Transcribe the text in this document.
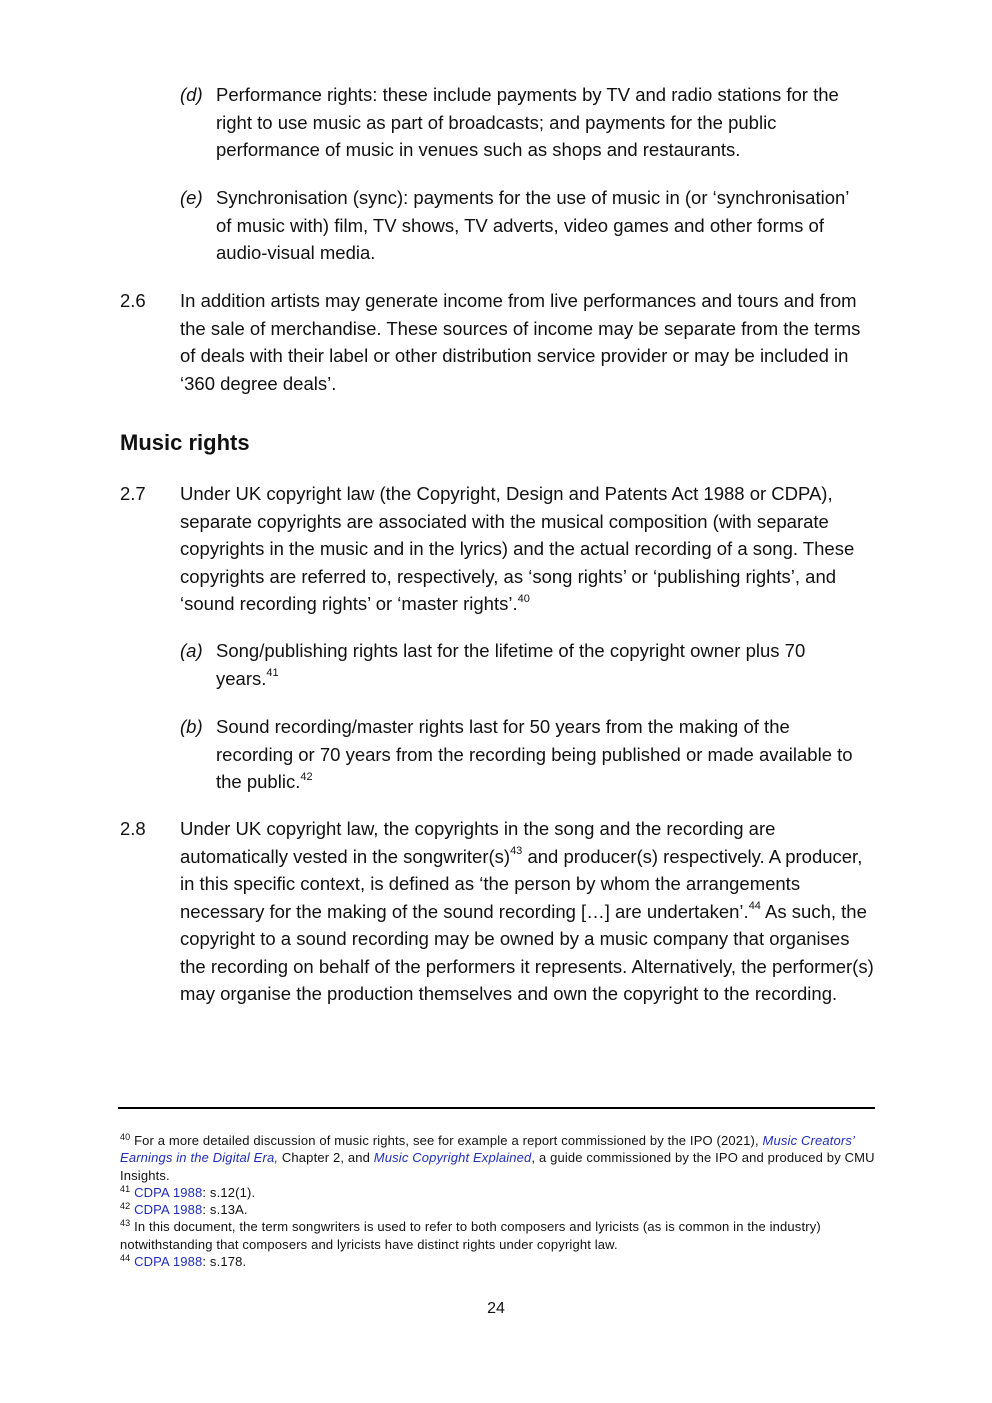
(d) Performance rights: these include payments by TV and radio stations for the right to use music as part of broadcasts; and payments for the public performance of music in venues such as shops and restaurants.
(e) Synchronisation (sync): payments for the use of music in (or ‘synchronisation’ of music with) film, TV shows, TV adverts, video games and other forms of audio-visual media.
2.6 In addition artists may generate income from live performances and tours and from the sale of merchandise. These sources of income may be separate from the terms of deals with their label or other distribution service provider or may be included in ‘360 degree deals’.
Music rights
2.7 Under UK copyright law (the Copyright, Design and Patents Act 1988 or CDPA), separate copyrights are associated with the musical composition (with separate copyrights in the music and in the lyrics) and the actual recording of a song. These copyrights are referred to, respectively, as ‘song rights’ or ‘publishing rights’, and ‘sound recording rights’ or ‘master rights’.$^{40}$
(a) Song/publishing rights last for the lifetime of the copyright owner plus 70 years.$^{41}$
(b) Sound recording/master rights last for 50 years from the making of the recording or 70 years from the recording being published or made available to the public.$^{42}$
2.8 Under UK copyright law, the copyrights in the song and the recording are automatically vested in the $songwriter(s)^{43}$ and producer(s) respectively. A producer, in this specific context, is defined as ‘the person by whom the arrangements necessary for the making of the sound recording […] are undertaken’.$^{44}$ As such, the copyright to a sound recording may be owned by a music company that organises the recording on behalf of the performers it represents. Alternatively, the performer(s) may organise the production themselves and own the copyright to the recording.
$^{40}$ For a more detailed discussion of music rights, see for example a report commissioned by the IPO (2021), Music Creators’ Earnings in the Digital Era, Chapter 2, and Music Copyright Explained, a guide commissioned by the IPO and produced by CMU Insights.
$^{41}$ CDPA 1988: s.12(1).
$^{42}$ CDPA 1988: s.13A.
$^{43}$ In this document, the term songwriters is used to refer to both composers and lyricists (as is common in the industry) notwithstanding that composers and lyricists have distinct rights under copyright law.
$^{44}$ CDPA 1988: s.178.
24
